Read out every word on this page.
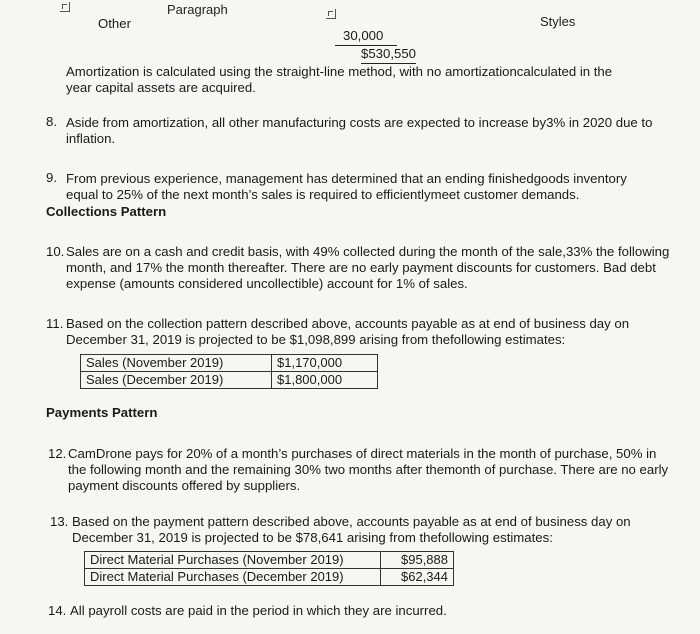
Paragraph
Styles
Other
30,000
$530,550
Amortization is calculated using the straight-line method, with no amortizationcalculated in the
year capital assets are acquired.
8. Aside from amortization, all other manufacturing costs are expected to increase by3% in 2020 due to
inflation.
9. From previous experience, management has determined that an ending finishedgoods inventory
equal to 25% of the next month’s sales is required to efficientlymeet customer demands.
Collections Pattern
10. Sales are on a cash and credit basis, with 49% collected during the month of the sale,33% the following
month, and 17% the month thereafter. There are no early payment discounts for customers. Bad debt
expense (amounts considered uncollectible) account for 1% of sales.
11. Based on the collection pattern described above, accounts payable as at end of business day on
December 31, 2019 is projected to be $1,098,899 arising from thefollowing estimates:
Sales (November 2019)	$1,170,000
Sales (December 2019)	$1,800,000
Payments Pattern
12. CamDrone pays for 20% of a month’s purchases of direct materials in the month of purchase, 50% in
the following month and the remaining 30% two months after themonth of purchase. There are no early
payment discounts offered by suppliers.
13. Based on the payment pattern described above, accounts payable as at end of business day on
December 31, 2019 is projected to be $78,641 arising from thefollowing estimates:
Direct Material Purchases (November 2019)	$95,888
Direct Material Purchases (December 2019)	$62,344
14. All payroll costs are paid in the period in which they are incurred.
